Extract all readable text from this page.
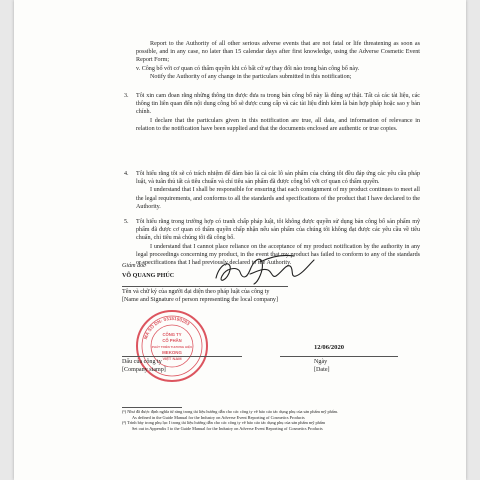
Report to the Authority of all other serious adverse events that are not fatal or life threatening as soon as possible, and in any case, no later than 15 calendar days after first knowledge, using the Adverse Cosmetic Event Report Form;

v. Công bố với cơ quan có thẩm quyền khi có bất cứ sự thay đổi nào trong bản công bố này.

Notify the Authority of any change in the particulars submitted in this notification;

3. Tôi xin cam đoan rằng những thông tin được đưa ra trong bản công bố này là đúng sự thật. Tất cả các tài liệu, các thông tin liên quan đến nội dung công bố sẽ được cung cấp và các tài liệu đính kèm là bản hợp pháp hoặc sao y bản chính.

I declare that the particulars given in this notification are true, all data, and information of relevance in relation to the notification have been supplied and that the documents enclosed are authentic or true copies.

4. Tôi hiểu rằng tôi sẽ có trách nhiệm để đảm bảo là cả các lô sản phẩm của chúng tôi đều đáp ứng các yêu cầu pháp luật, và tuân thủ tất cả tiêu chuẩn và chỉ tiêu sản phẩm đã được công bố với cơ quan có thẩm quyền.

I understand that I shall be responsible for ensuring that each consignment of my product continues to meet all the legal requirements, and conforms to all the standards and specifications of the product that I have declared to the Authority.

5. Tôi hiểu rằng trong trường hợp có tranh chấp pháp luật, tôi không được quyền sử dụng bản công bố sản phẩm mỹ phẩm đã được cơ quan có thẩm quyền chấp nhận nếu sản phẩm của chúng tôi không đạt được các yêu cầu về tiêu chuẩn, chỉ tiêu mà chúng tôi đã công bố.

I understand that I cannot place reliance on the acceptance of my product notification by the authority in any legal proceedings concerning my product, in the event that my product has failed to conform to any of the standards or specifications that I had previously declared to the Authority.

Giám đốc
VÕ QUANG PHÚC
Tên và chữ ký của người đại diện theo pháp luật của công ty
[Name and Signature of person representing the local company]
MÃ SỐ DN: 0315190283
CÔNG TY
CỔ PHẦN
PHÁT TRIỂN THƯƠNG HIỆU
MEKONG
VIỆT NAM
12/06/2020
Dấu của công ty
[Company stamp]
Ngày
[Date]

(¹) Như đã được định nghĩa từ ràng trong tài liệu hướng dẫn cho các công ty về báo cáo tác dụng phụ của sản phẩm mỹ phẩm.

As defined in the Guide Manual for the Industry on Adverse Event Reporting of Cosmetics Products

(²) Trình bày trong phụ lục I trong tài liệu hướng dẫn cho các công ty về báo cáo tác dụng phụ của sản phẩm mỹ phẩm

Set out in Appendix I to the Guide Manual for the Industry on Adverse Event Reporting of Cosmetics Products
